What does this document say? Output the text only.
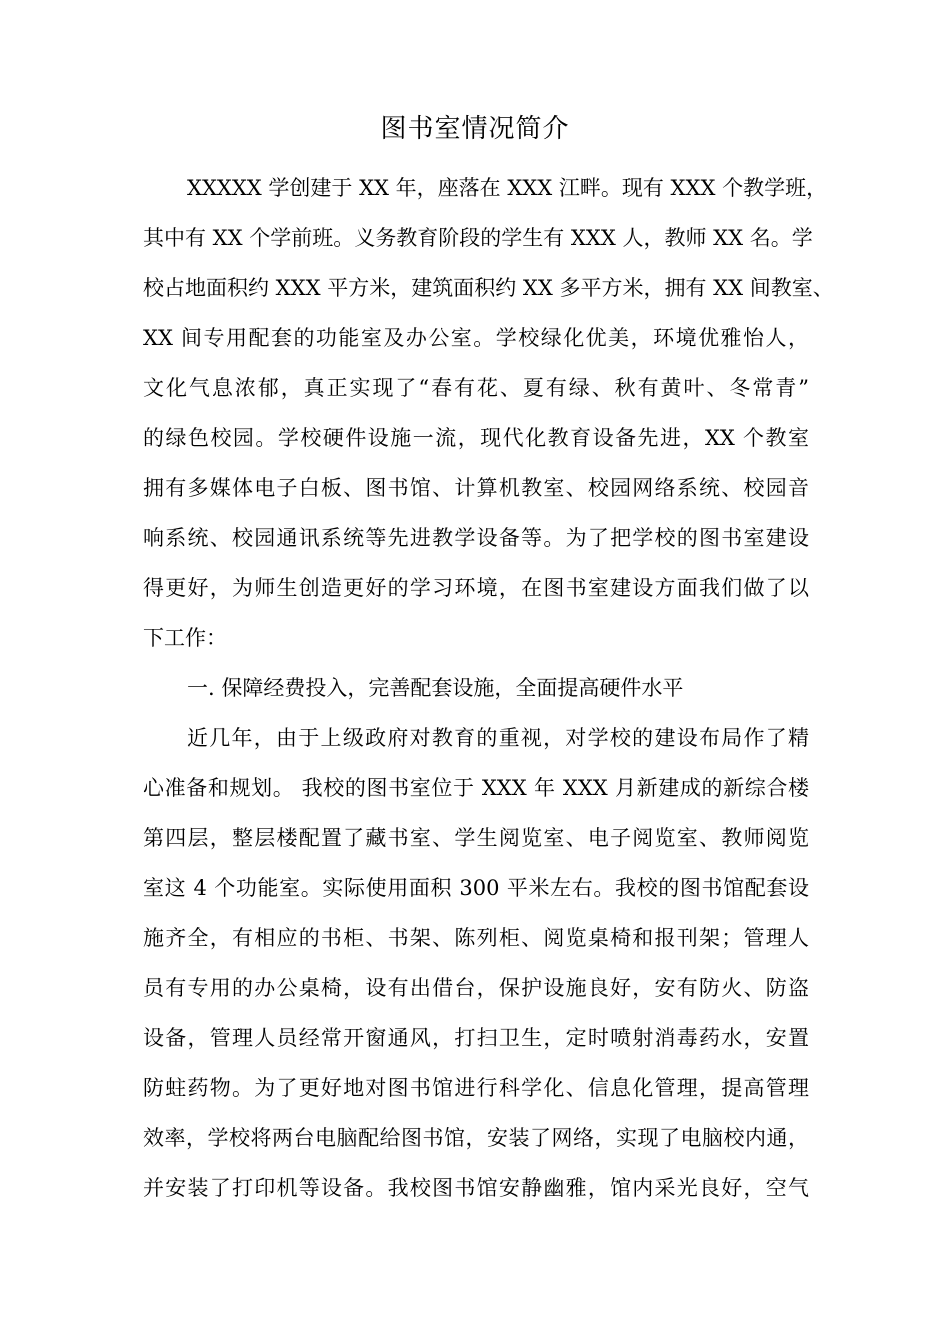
图书室情况简介
XXXXX 学创建于 XX 年，座落在 XXX 江畔。现有 XXX 个教学班，
其中有 XX 个学前班。义务教育阶段的学生有 XXX 人，教师 XX 名。学
校占地面积约 XXX 平方米，建筑面积约 XX 多平方米，拥有 XX 间教室、
XX 间专用配套的功能室及办公室。学校绿化优美，环境优雅怡人，
文化气息浓郁，真正实现了“春有花、夏有绿、秋有黄叶、冬常青”
的绿色校园。学校硬件设施一流，现代化教育设备先进，XX 个教室
拥有多媒体电子白板、图书馆、计算机教室、校园网络系统、校园音
响系统、校园通讯系统等先进教学设备等。为了把学校的图书室建设
得更好，为师生创造更好的学习环境，在图书室建设方面我们做了以
下工作：
一. 保障经费投入，完善配套设施，全面提高硬件水平
近几年，由于上级政府对教育的重视，对学校的建设布局作了精
心准备和规划。 我校的图书室位于 XXX 年 XXX 月新建成的新综合楼
第四层，整层楼配置了藏书室、学生阅览室、电子阅览室、教师阅览
室这 4 个功能室。实际使用面积 300 平米左右。我校的图书馆配套设
施齐全，有相应的书柜、书架、陈列柜、阅览桌椅和报刊架；管理人
员有专用的办公桌椅，设有出借台，保护设施良好，安有防火、防盗
设备，管理人员经常开窗通风，打扫卫生，定时喷射消毒药水，安置
防蛀药物。为了更好地对图书馆进行科学化、信息化管理，提高管理
效率，学校将两台电脑配给图书馆，安装了网络，实现了电脑校内通，
并安装了打印机等设备。我校图书馆安静幽雅，馆内采光良好，空气
